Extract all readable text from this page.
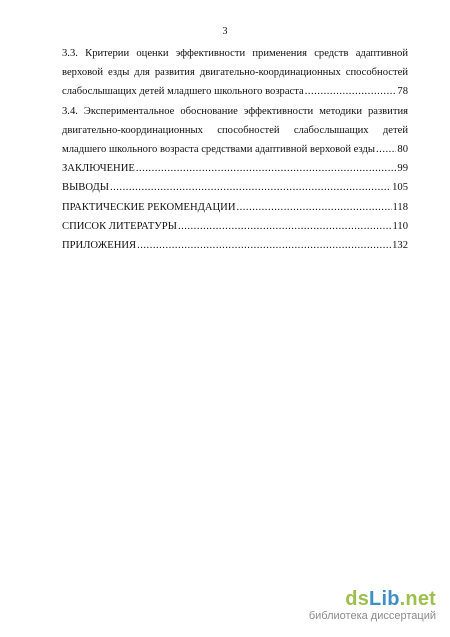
3
3.3. Критерии оценки эффективности применения средств адаптивной
верховой езды для развития двигательно-координационных способностей
слабослышащих детей младшего школьного возраста .....	78
3.4. Экспериментальное обоснование эффективности методики развития
двигательно-координационных способностей слабослышащих детей
младшего школьного возраста средствами адаптивной верховой езды ..... 80
ЗАКЛЮЧЕНИЕ .....	99
ВЫВОДЫ .....	105
ПРАКТИЧЕСКИЕ РЕКОМЕНДАЦИИ .....	118
СПИСОК ЛИТЕРАТУРЫ .....	110
ПРИЛОЖЕНИЯ .....	132
dsLib.net
библиотека диссертаций
